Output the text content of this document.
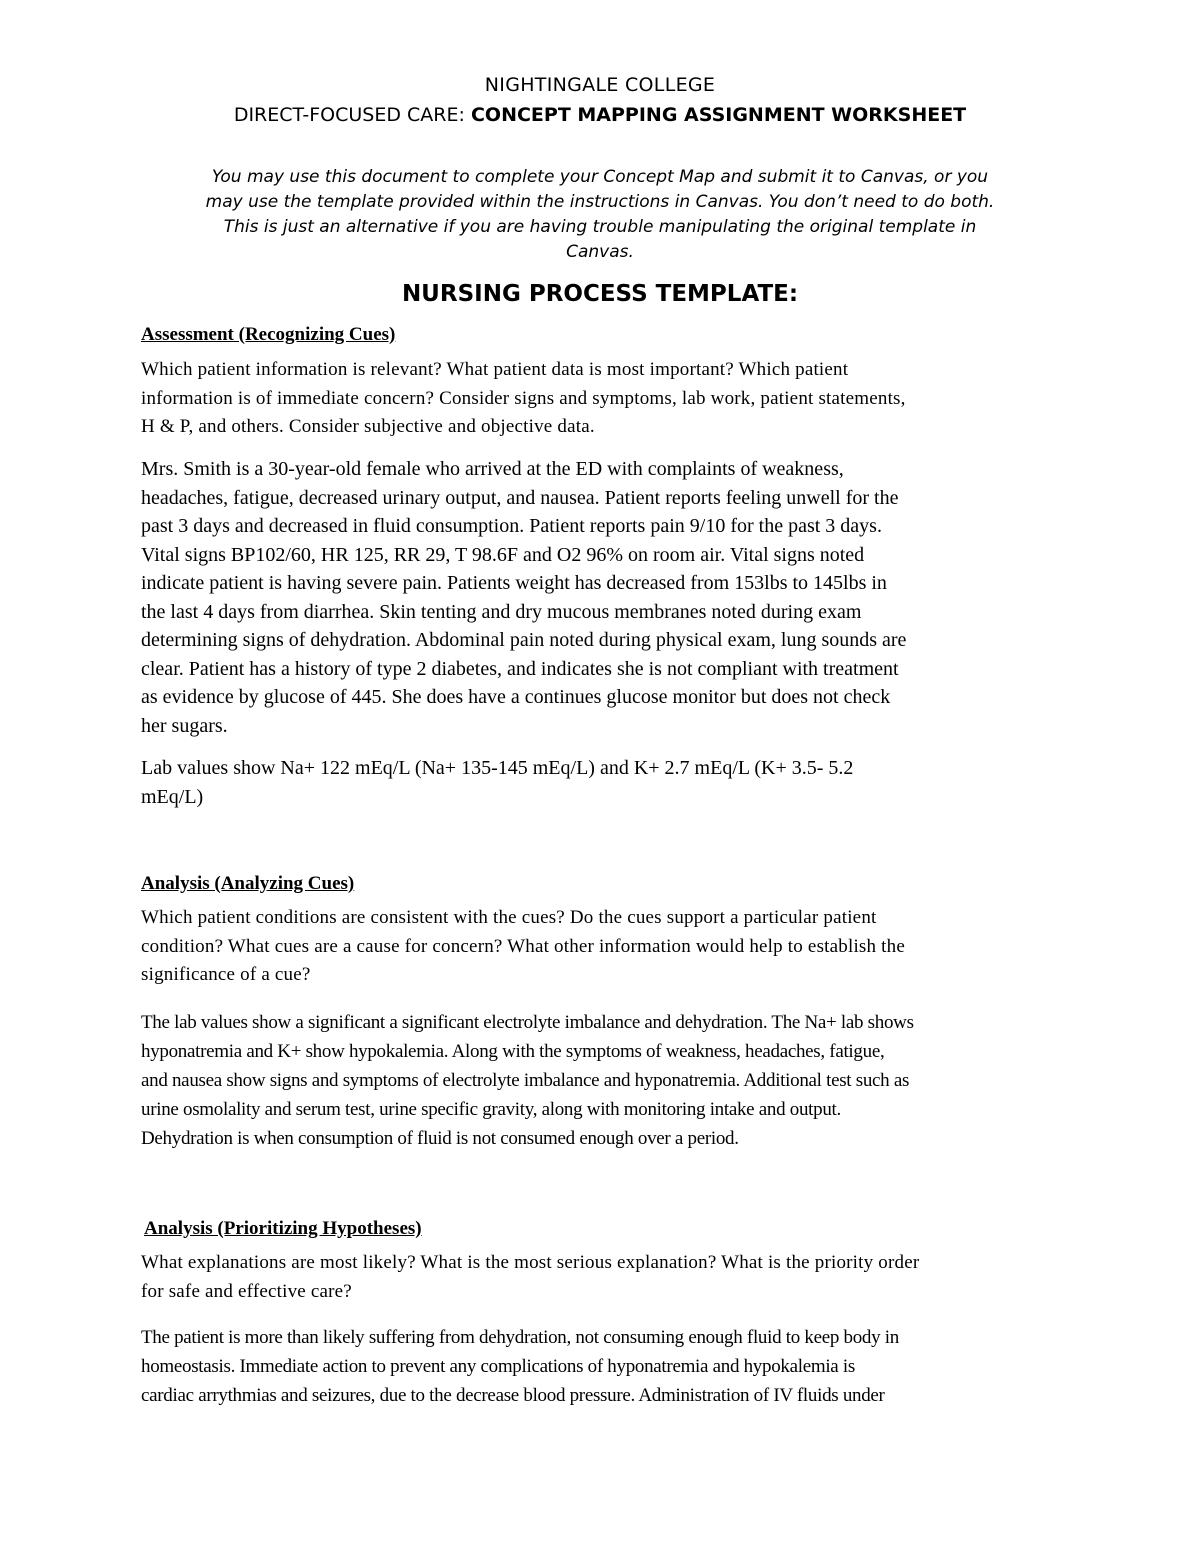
NIGHTINGALE COLLEGE
DIRECT-FOCUSED CARE: CONCEPT MAPPING ASSIGNMENT WORKSHEET
You may use this document to complete your Concept Map and submit it to Canvas, or you
may use the template provided within the instructions in Canvas. You don’t need to do both.
This is just an alternative if you are having trouble manipulating the original template in
Canvas.
NURSING PROCESS TEMPLATE:
Assessment (Recognizing Cues)
Which patient information is relevant? What patient data is most important? Which patient
information is of immediate concern? Consider signs and symptoms, lab work, patient statements,
H & P, and others. Consider subjective and objective data.
Mrs. Smith is a 30-year-old female who arrived at the ED with complaints of weakness,
headaches, fatigue, decreased urinary output, and nausea. Patient reports feeling unwell for the
past 3 days and decreased in fluid consumption. Patient reports pain 9/10 for the past 3 days.
Vital signs BP102/60, HR 125, RR 29, T 98.6F and O2 96% on room air. Vital signs noted
indicate patient is having severe pain. Patients weight has decreased from 153lbs to 145lbs in
the last 4 days from diarrhea. Skin tenting and dry mucous membranes noted during exam
determining signs of dehydration. Abdominal pain noted during physical exam, lung sounds are
clear. Patient has a history of type 2 diabetes, and indicates she is not compliant with treatment
as evidence by glucose of 445. She does have a continues glucose monitor but does not check
her sugars.
Lab values show Na+ 122 mEq/L (Na+ 135-145 mEq/L) and K+ 2.7 mEq/L (K+ 3.5- 5.2
mEq/L)
Analysis (Analyzing Cues)
Which patient conditions are consistent with the cues? Do the cues support a particular patient
condition? What cues are a cause for concern? What other information would help to establish the
significance of a cue?
The lab values show a significant a significant electrolyte imbalance and dehydration. The Na+ lab shows
hyponatremia and K+ show hypokalemia. Along with the symptoms of weakness, headaches, fatigue,
and nausea show signs and symptoms of electrolyte imbalance and hyponatremia. Additional test such as
urine osmolality and serum test, urine specific gravity, along with monitoring intake and output.
Dehydration is when consumption of fluid is not consumed enough over a period.
Analysis (Prioritizing Hypotheses)
What explanations are most likely? What is the most serious explanation? What is the priority order
for safe and effective care?
The patient is more than likely suffering from dehydration, not consuming enough fluid to keep body in
homeostasis. Immediate action to prevent any complications of hyponatremia and hypokalemia is
cardiac arrythmias and seizures, due to the decrease blood pressure. Administration of IV fluids under
